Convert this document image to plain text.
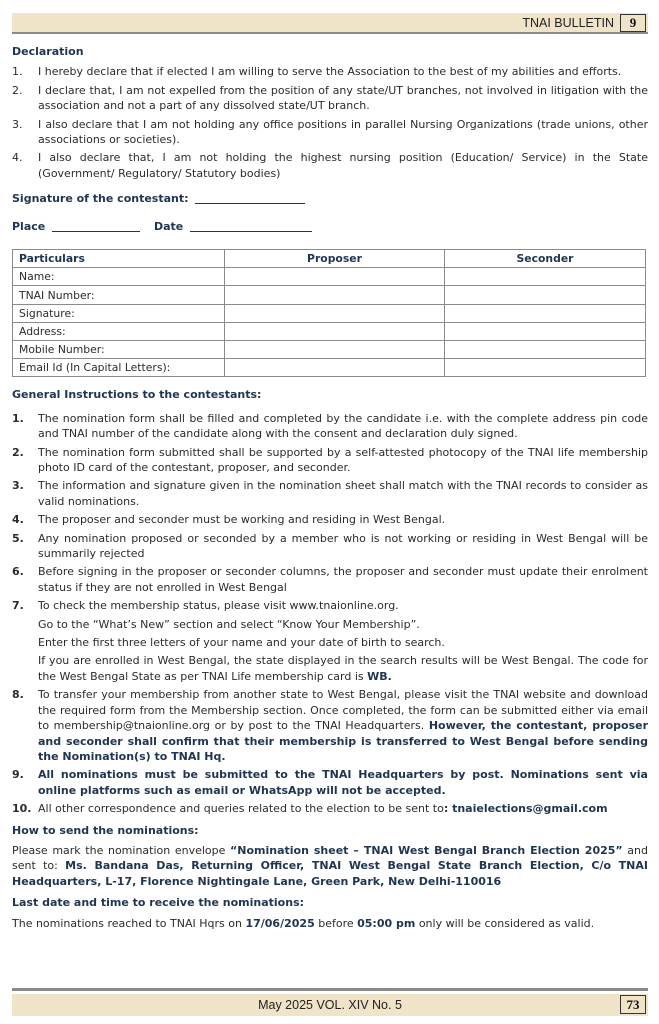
TNAI BULLETIN	9
Declaration
1. I hereby declare that if elected I am willing to serve the Association to the best of my abilities and efforts.
2. I declare that, I am not expelled from the position of any state/UT branches, not involved in litigation with the association and not a part of any dissolved state/UT branch.
3. I also declare that I am not holding any office positions in parallel Nursing Organizations (trade unions, other associations or societies).
4. I also declare that, I am not holding the highest nursing position (Education/ Service) in the State (Government/ Regulatory/ Statutory bodies)
Signature of the contestant:
Place	Date
Particulars	Proposer	Seconder
Name:		
TNAI Number:		
Signature:		
Address:		
Mobile Number:		
Email Id (In Capital Letters):		
General Instructions to the contestants:
1. The nomination form shall be filled and completed by the candidate i.e. with the complete address pin code and TNAI number of the candidate along with the consent and declaration duly signed.
2. The nomination form submitted shall be supported by a self-attested photocopy of the TNAI life membership photo ID card of the contestant, proposer, and seconder.
3. The information and signature given in the nomination sheet shall match with the TNAI records to consider as valid nominations.
4. The proposer and seconder must be working and residing in West Bengal.
5. Any nomination proposed or seconded by a member who is not working or residing in West Bengal will be summarily rejected
6. Before signing in the proposer or seconder columns, the proposer and seconder must update their enrolment status if they are not enrolled in West Bengal
7. To check the membership status, please visit www.tnaionline.org.
Go to the “What’s New” section and select “Know Your Membership”.
Enter the first three letters of your name and your date of birth to search.
If you are enrolled in West Bengal, the state displayed in the search results will be West Bengal. The code for the West Bengal State as per TNAI Life membership card is WB.
8. To transfer your membership from another state to West Bengal, please visit the TNAI website and download the required form from the Membership section. Once completed, the form can be submitted either via email to membership@tnaionline.org or by post to the TNAI Headquarters. However, the contestant, proposer and seconder shall confirm that their membership is transferred to West Bengal before sending the Nomination(s) to TNAI Hq.
9. All nominations must be submitted to the TNAI Headquarters by post. Nominations sent via online platforms such as email or WhatsApp will not be accepted.
10. All other correspondence and queries related to the election to be sent to: tnaielections@gmail.com
How to send the nominations:
Please mark the nomination envelope “Nomination sheet – TNAI West Bengal Branch Election 2025” and sent to: Ms. Bandana Das, Returning Officer, TNAI West Bengal State Branch Election, C/o TNAI Headquarters, L-17, Florence Nightingale Lane, Green Park, New Delhi-110016
Last date and time to receive the nominations:
The nominations reached to TNAI Hqrs on 17/06/2025 before 05:00 pm only will be considered as valid.
May 2025 VOL. XIV No. 5	73
